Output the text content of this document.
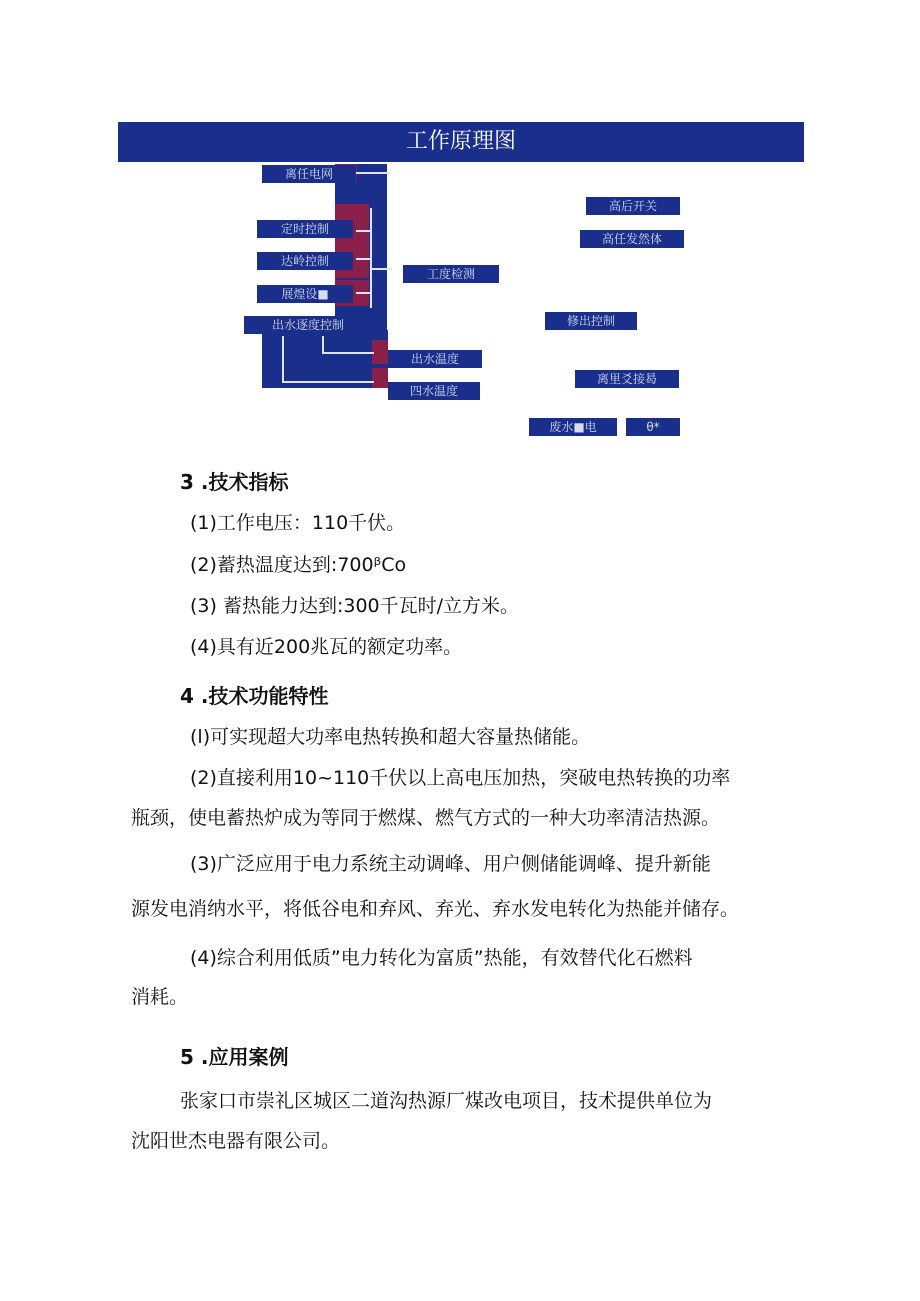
工作原理图
离任电网
定时控制
达岭控制
展煌设■
出水逐度控制
工度检测
出水温度
四水温度
高后开关
高任发然体
修出控制
离里爻接曷
废水■电	θ*
3 .技术指标
(1)工作电压：110千伏。
(2)蓄热温度达到:700ᵝCo
(3) 蓄热能力达到:300千瓦时/立方米。
(4)具有近200兆瓦的额定功率。
4 .技术功能特性
(l)可实现超大功率电热转换和超大容量热储能。
(2)直接利用10~110千伏以上高电压加热，突破电热转换的功率
瓶颈，使电蓄热炉成为等同于燃煤、燃气方式的一种大功率清洁热源。
(3)广泛应用于电力系统主动调峰、用户侧储能调峰、提升新能
源发电消纳水平，将低谷电和弃风、弃光、弃水发电转化为热能并储存。
(4)综合利用低质”电力转化为富质”热能，有效替代化石燃料
消耗。
5 .应用案例
张家口市崇礼区城区二道沟热源厂煤改电项目，技术提供单位为
沈阳世杰电器有限公司。
